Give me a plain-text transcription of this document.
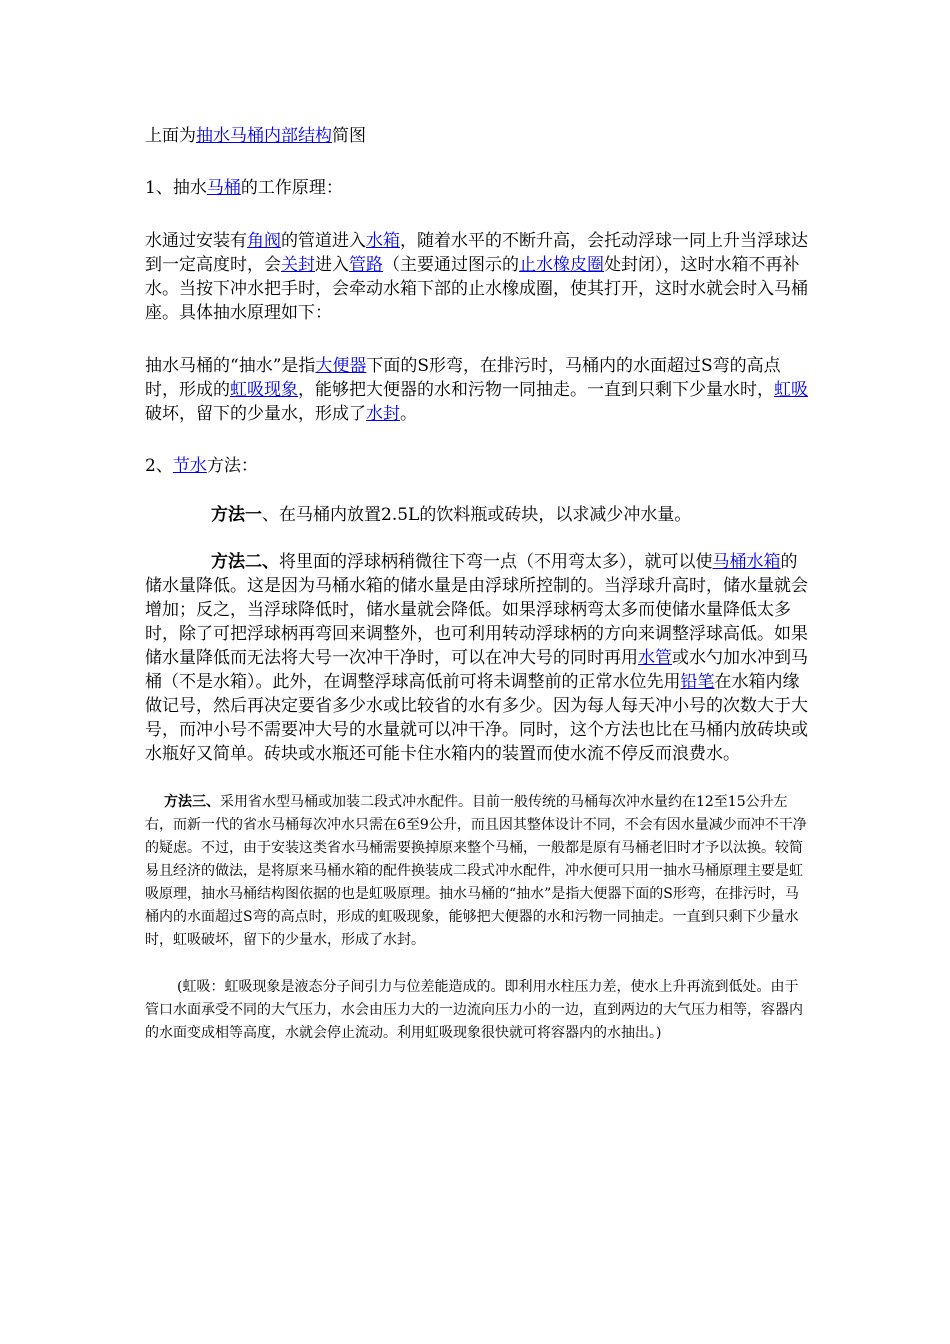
上面为抽水马桶内部结构简图

1、抽水马桶的工作原理：

水通过安装有角阀的管道进入水箱，随着水平的不断升高，会托动浮球一同上升当浮球达到一定高度时，会关封进入管路（主要通过图示的止水橡皮圈处封闭），这时水箱不再补水。当按下冲水把手时，会牵动水箱下部的止水橡成圈，使其打开，这时水就会时入马桶座。具体抽水原理如下：

抽水马桶的“抽水”是指大便器下面的S形弯，在排污时，马桶内的水面超过S弯的高点时，形成的虹吸现象，能够把大便器的水和污物一同抽走。一直到只剩下少量水时，虹吸破坏，留下的少量水，形成了水封。

2、节水方法：

方法一、在马桶内放置2.5L的饮料瓶或砖块，以求减少冲水量。

方法二、将里面的浮球柄稍微往下弯一点（不用弯太多），就可以使马桶水箱的储水量降低。这是因为马桶水箱的储水量是由浮球所控制的。当浮球升高时，储水量就会增加；反之，当浮球降低时，储水量就会降低。如果浮球柄弯太多而使储水量降低太多时，除了可把浮球柄再弯回来调整外，也可利用转动浮球柄的方向来调整浮球高低。如果储水量降低而无法将大号一次冲干净时，可以在冲大号的同时再用水管或水勺加水冲到马桶（不是水箱）。此外，在调整浮球高低前可将未调整前的正常水位先用铅笔在水箱内缘做记号，然后再决定要省多少水或比较省的水有多少。因为每人每天冲小号的次数大于大号，而冲小号不需要冲大号的水量就可以冲干净。同时，这个方法也比在马桶内放砖块或水瓶好又简单。砖块或水瓶还可能卡住水箱内的装置而使水流不停反而浪费水。

方法三、采用省水型马桶或加装二段式冲水配件。目前一般传统的马桶每次冲水量约在12至15公升左右，而新一代的省水马桶每次冲水只需在6至9公升，而且因其整体设计不同，不会有因水量减少而冲不干净的疑虑。不过，由于安装这类省水马桶需要换掉原来整个马桶，一般都是原有马桶老旧时才予以汰换。较简易且经济的做法，是将原来马桶水箱的配件换装成二段式冲水配件，冲水便可只用一抽水马桶原理主要是虹吸原理，抽水马桶结构图依据的也是虹吸原理。抽水马桶的“抽水”是指大便器下面的S形弯，在排污时，马桶内的水面超过S弯的高点时，形成的虹吸现象，能够把大便器的水和污物一同抽走。一直到只剩下少量水时，虹吸破坏，留下的少量水，形成了水封。

(虹吸：虹吸现象是液态分子间引力与位差能造成的。即利用水柱压力差，使水上升再流到低处。由于管口水面承受不同的大气压力，水会由压力大的一边流向压力小的一边，直到两边的大气压力相等，容器内的水面变成相等高度，水就会停止流动。利用虹吸现象很快就可将容器内的水抽出。)
